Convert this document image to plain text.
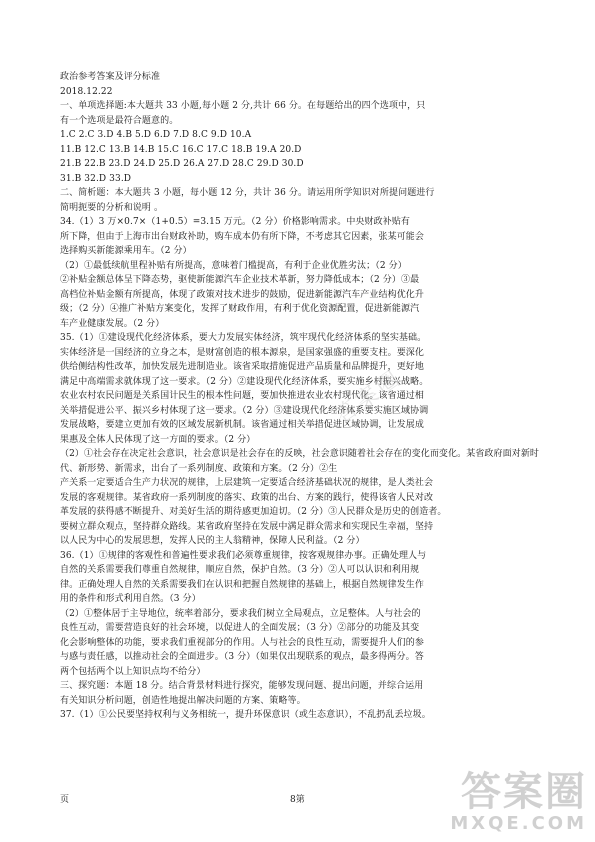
政治参考答案及评分标准
2018.12.22
一、单项选择题:本大题共 33 小题,每小题 2 分,共计 66 分。在每题给出的四个选项中，只
有一个选项是最符合题意的。
1.C 2.C 3.D 4.B 5.D 6.D 7.D 8.C 9.D 10.A
11.B 12.C 13.B 14.B 15.C 16.C 17.C 18.B 19.A 20.D
21.B 22.B 23.D 24.D 25.D 26.A 27.D 28.C 29.D 30.D
31.B 32.D 33.D
二、简析题：本大题共 3 小题，每小题 12 分，共计 36 分。请运用所学知识对所提问题进行
简明扼要的分析和说明 。
34.（1）3 万×0.7×（1+0.5）=3.15 万元。（2 分）价格影响需求。中央财政补贴有
所下降，但由于上海市出台财政补助，购车成本仍有所下降，不考虑其它因素，张某可能会
选择购买新能源乘用车。（2 分）
（2）①最低续航里程补贴有所提高，意味着门槛提高，有利于企业优胜劣汰；（2 分）
②补贴金额总体呈下降态势，驱使新能源汽车企业技术革新，努力降低成本；（2 分）③最
高档位补贴金额有所提高，体现了政策对技术进步的鼓励，促进新能源汽车产业结构优化升
级；（2 分）④推广补贴方案变化，发挥了财政作用，有利于优化资源配置，促进新能源汽
车产业健康发展。（2 分）
35.（1）①建设现代化经济体系，要大力发展实体经济，筑牢现代化经济体系的坚实基础。
实体经济是一国经济的立身之本，是财富创造的根本源泉，是国家强盛的重要支柱。要深化
供给侧结构性改革，加快发展先进制造业。该省采取措施促进产品质量和品牌提升，更好地
满足中高端需求就体现了这一要求。（2 分）②建设现代化经济体系，要实施乡村振兴战略。
农业农村农民问题是关系国计民生的根本性问题，要加快推进农业农村现代化。该省通过相
关举措促进公平、振兴乡村体现了这一要求。（2 分）③建设现代化经济体系要实施区域协调
发展战略，要建立更加有效的区域发展新机制。该省通过相关举措促进区域协调，让发展成
果惠及全体人民体现了这一方面的要求。（2 分）
（2）①社会存在决定社会意识，社会意识是社会存在的反映，社会意识随着社会存在的变化而变化。某省政府面对新时代、新形势、新需求，出台了一系列制度、政策和方案。（2 分）②生
产关系一定要适合生产力状况的规律，上层建筑一定要适合经济基础状况的规律，是人类社会
发展的客观规律。某省政府一系列制度的落实、政策的出台、方案的践行，使得该省人民对改
革发展的获得感不断提升、对美好生活的期待感更加迫切。（2 分）③人民群众是历史的创造者。
要树立群众观点，坚持群众路线。某省政府坚持在发展中满足群众需求和实现民生幸福，坚持
以人民为中心的发展思想，发挥人民的主人翁精神，保障人民利益。（2 分）
36.（1）①规律的客观性和普遍性要求我们必须尊重规律，按客观规律办事。正确处理人与
自然的关系需要我们尊重自然规律，顺应自然，保护自然。（3 分）②人可以认识和利用规
律。正确处理人自然的关系需要我们在认识和把握自然规律的基础上，根据自然规律发生作
用的条件和形式利用自然。（3 分）
（2）①整体居于主导地位，统率着部分，要求我们树立全局观点，立足整体。人与社会的
良性互动，需要营造良好的社会环境，以促进人的全面发展；（3 分）②部分的功能及其变
化会影响整体的功能，要求我们重视部分的作用。人与社会的良性互动，需要提升人们的参
与感与责任感，以推动社会的全面进步。（3 分）（如果仅出现联系的观点，最多得两分。答
两个包括两个以上知识点均不给分）
三、探究题：本题 18 分。结合背景材料进行探究，能够发现问题、提出问题，并综合运用
有关知识分析问题，创造性地提出解决问题的方案、策略等。
37.（1）①公民要坚持权利与义务相统一，提升环保意识（或生态意识），不乱扔乱丢垃圾。
答案圈
页	8第	答案圈
MXQE.COM
